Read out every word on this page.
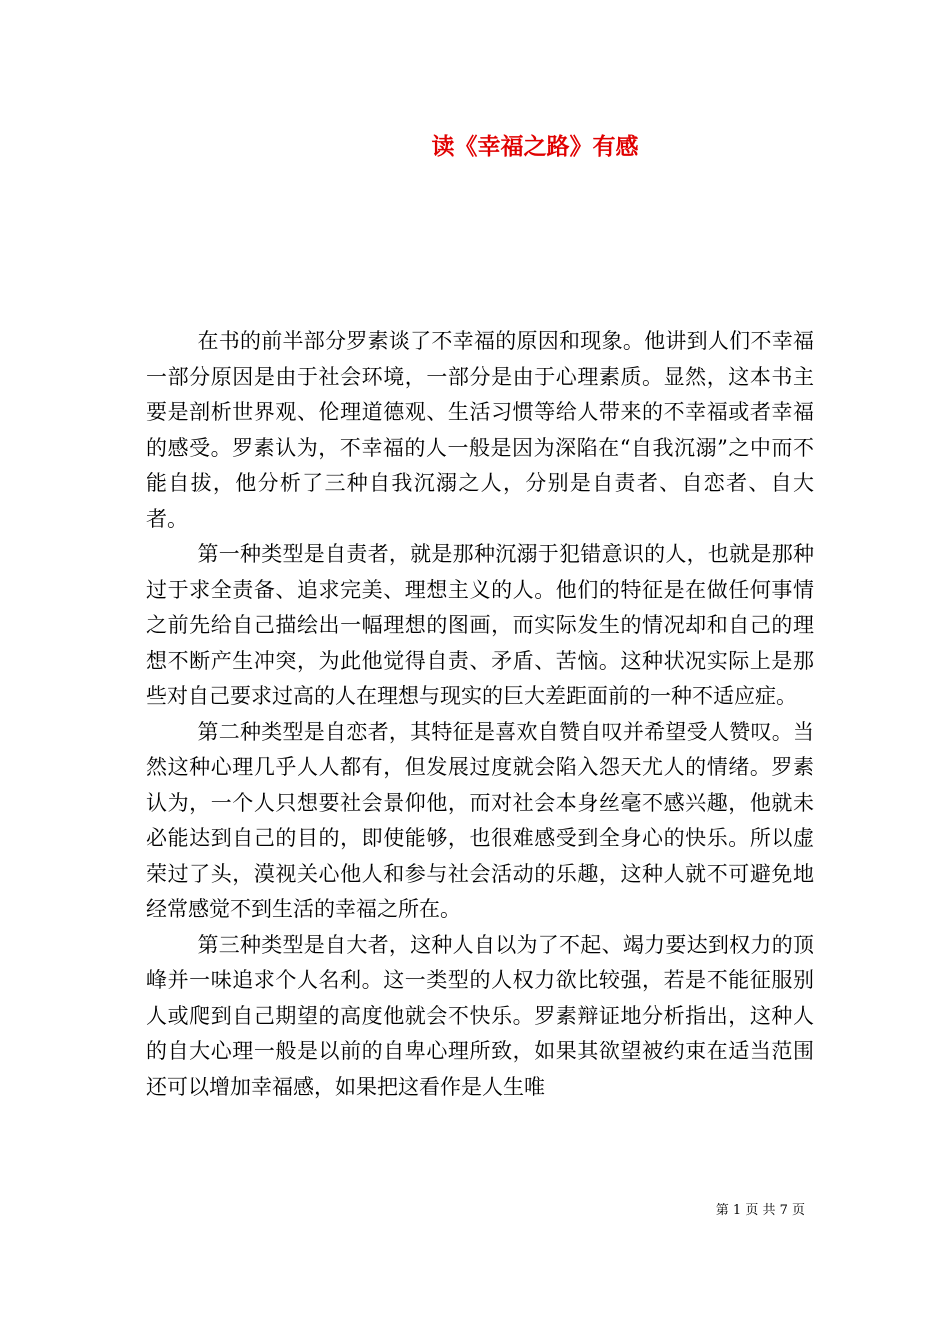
读《幸福之路》有感

在书的前半部分罗素谈了不幸福的原因和现象。他讲到人们不幸福一部分原因是由于社会环境，一部分是由于心理素质。显然，这本书主要是剖析世界观、伦理道德观、生活习惯等给人带来的不幸福或者幸福的感受。罗素认为，不幸福的人一般是因为深陷在“自我沉溺”之中而不能自拔，他分析了三种自我沉溺之人，分别是自责者、自恋者、自大者。

第一种类型是自责者，就是那种沉溺于犯错意识的人，也就是那种过于求全责备、追求完美、理想主义的人。他们的特征是在做任何事情之前先给自己描绘出一幅理想的图画，而实际发生的情况却和自己的理想不断产生冲突，为此他觉得自责、矛盾、苦恼。这种状况实际上是那些对自己要求过高的人在理想与现实的巨大差距面前的一种不适应症。

第二种类型是自恋者，其特征是喜欢自赞自叹并希望受人赞叹。当然这种心理几乎人人都有，但发展过度就会陷入怨天尤人的情绪。罗素认为，一个人只想要社会景仰他，而对社会本身丝毫不感兴趣，他就未必能达到自己的目的，即使能够，也很难感受到全身心的快乐。所以虚荣过了头，漠视关心他人和参与社会活动的乐趣，这种人就不可避免地经常感觉不到生活的幸福之所在。

第三种类型是自大者，这种人自以为了不起、竭力要达到权力的顶峰并一味追求个人名利。这一类型的人权力欲比较强，若是不能征服别人或爬到自己期望的高度他就会不快乐。罗素辩证地分析指出，这种人的自大心理一般是以前的自卑心理所致，如果其欲望被约束在适当范围还可以增加幸福感，如果把这看作是人生唯

第 1 页 共 7 页
